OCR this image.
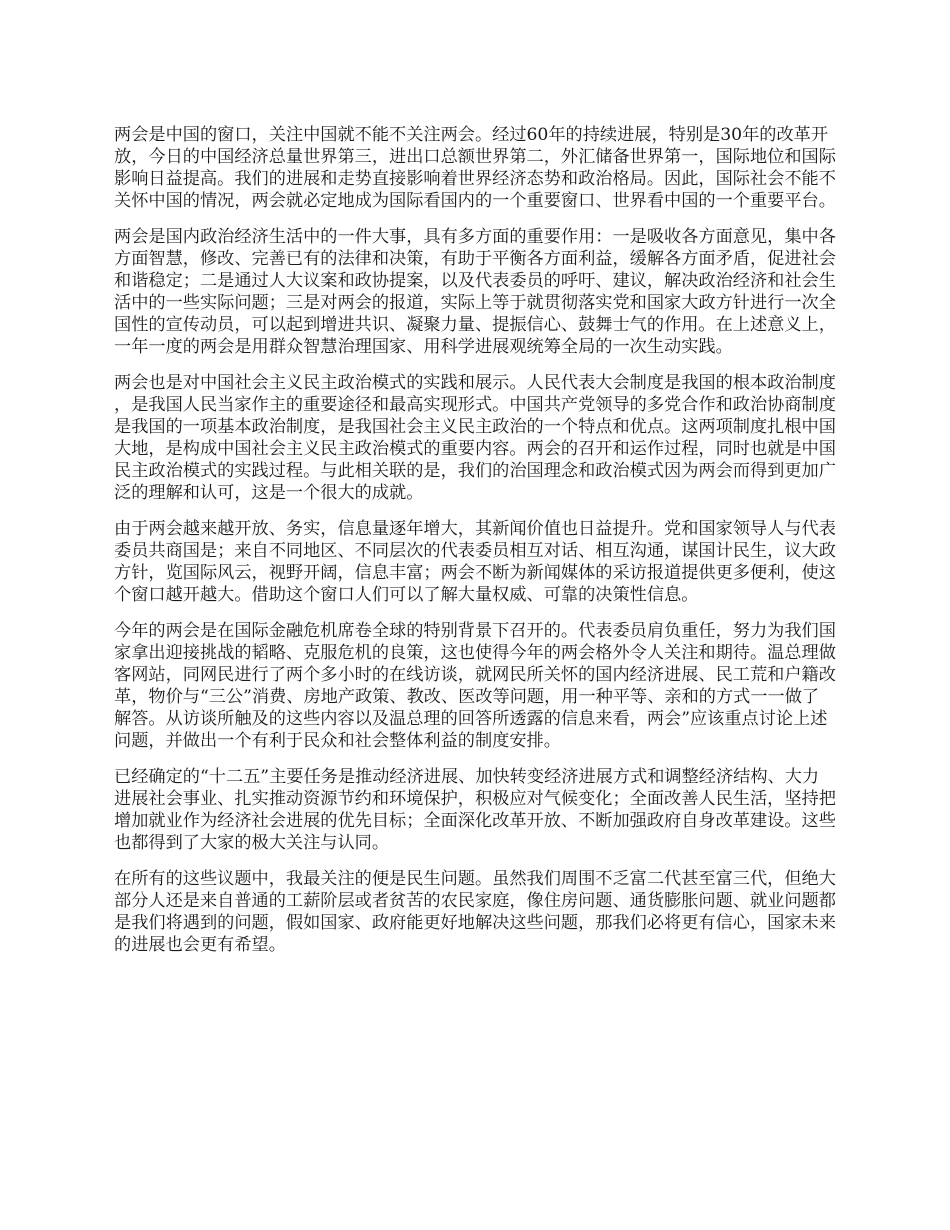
两会是中国的窗口，关注中国就不能不关注两会。经过60年的持续进展，特别是30年的改革开放，今日的中国经济总量世界第三，进出口总额世界第二，外汇储备世界第一，国际地位和国际影响日益提高。我们的进展和走势直接影响着世界经济态势和政治格局。因此，国际社会不能不关怀中国的情况，两会就必定地成为国际看国内的一个重要窗口、世界看中国的一个重要平台。

两会是国内政治经济生活中的一件大事，具有多方面的重要作用：一是吸收各方面意见，集中各方面智慧，修改、完善已有的法律和决策，有助于平衡各方面利益，缓解各方面矛盾，促进社会和谐稳定；二是通过人大议案和政协提案，以及代表委员的呼吁、建议，解决政治经济和社会生活中的一些实际问题；三是对两会的报道，实际上等于就贯彻落实党和国家大政方针进行一次全国性的宣传动员，可以起到增进共识、凝聚力量、提振信心、鼓舞士气的作用。在上述意义上，一年一度的两会是用群众智慧治理国家、用科学进展观统筹全局的一次生动实践。

两会也是对中国社会主义民主政治模式的实践和展示。人民代表大会制度是我国的根本政治制度，是我国人民当家作主的重要途径和最高实现形式。中国共产党领导的多党合作和政治协商制度是我国的一项基本政治制度，是我国社会主义民主政治的一个特点和优点。这两项制度扎根中国大地，是构成中国社会主义民主政治模式的重要内容。两会的召开和运作过程，同时也就是中国民主政治模式的实践过程。与此相关联的是，我们的治国理念和政治模式因为两会而得到更加广泛的理解和认可，这是一个很大的成就。

由于两会越来越开放、务实，信息量逐年增大，其新闻价值也日益提升。党和国家领导人与代表委员共商国是；来自不同地区、不同层次的代表委员相互对话、相互沟通，谋国计民生，议大政方针，览国际风云，视野开阔，信息丰富；两会不断为新闻媒体的采访报道提供更多便利，使这个窗口越开越大。借助这个窗口人们可以了解大量权威、可靠的决策性信息。

今年的两会是在国际金融危机席卷全球的特别背景下召开的。代表委员肩负重任，努力为我们国家拿出迎接挑战的韬略、克服危机的良策，这也使得今年的两会格外令人关注和期待。温总理做客网站，同网民进行了两个多小时的在线访谈，就网民所关怀的国内经济进展、民工荒和户籍改革，物价与“三公”消费、房地产政策、教改、医改等问题，用一种平等、亲和的方式一一做了解答。从访谈所触及的这些内容以及温总理的回答所透露的信息来看，两会”应该重点讨论上述问题，并做出一个有利于民众和社会整体利益的制度安排。

已经确定的“十二五”主要任务是推动经济进展、加快转变经济进展方式和调整经济结构、大力进展社会事业、扎实推动资源节约和环境保护，积极应对气候变化；全面改善人民生活，坚持把增加就业作为经济社会进展的优先目标；全面深化改革开放、不断加强政府自身改革建设。这些也都得到了大家的极大关注与认同。

在所有的这些议题中，我最关注的便是民生问题。虽然我们周围不乏富二代甚至富三代，但绝大部分人还是来自普通的工薪阶层或者贫苦的农民家庭，像住房问题、通货膨胀问题、就业问题都是我们将遇到的问题，假如国家、政府能更好地解决这些问题，那我们必将更有信心，国家未来的进展也会更有希望。
